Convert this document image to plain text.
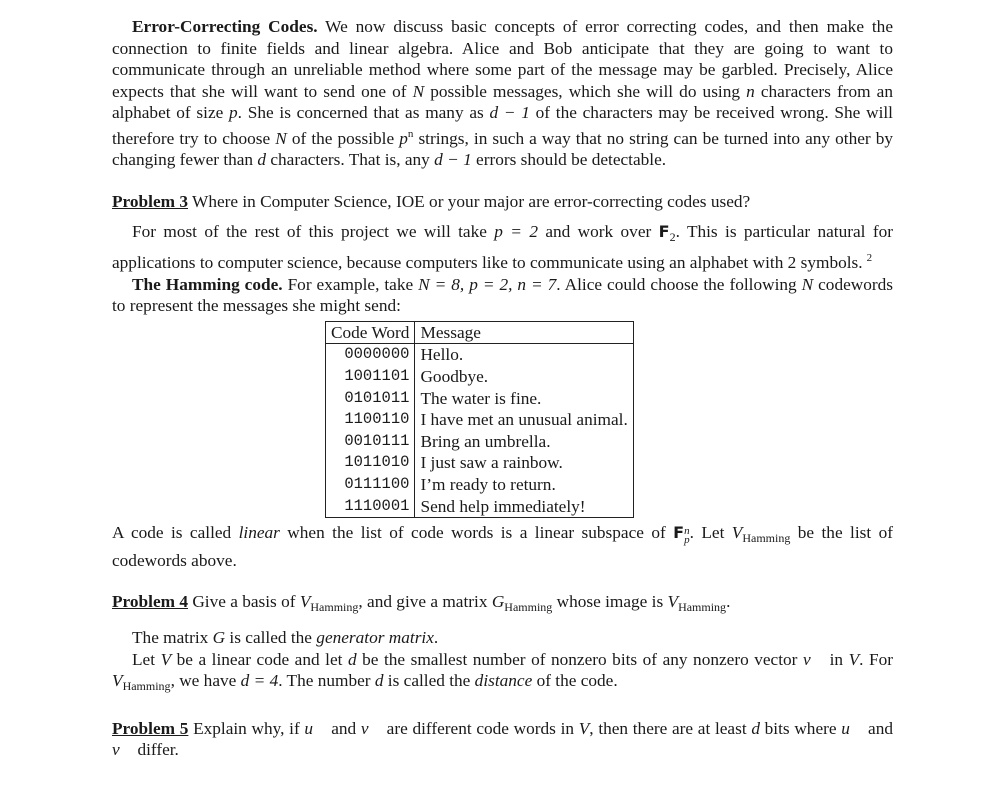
Error-Correcting Codes. We now discuss basic concepts of error correcting codes, and then make the connection to finite fields and linear algebra. Alice and Bob anticipate that they are going to want to communicate through an unreliable method where some part of the message may be garbled. Precisely, Alice expects that she will want to send one of N possible messages, which she will do using n characters from an alphabet of size p. She is concerned that as many as d − 1 of the characters may be received wrong. She will therefore try to choose N of the possible $p^n$ strings, in such a way that no string can be turned into any other by changing fewer than d characters. That is, any d − 1 errors should be detectable.

Problem 3 Where in Computer Science, IOE or your major are error-correcting codes used?

For most of the rest of this project we will take p = 2 and work over $F_2$. This is particular natural for applications to computer science, because computers like to communicate using an alphabet with 2 symbols. $^2$

The Hamming code. For example, take N = 8, p = 2, n = 7. Alice could choose the following N codewords to represent the messages she might send:

Code Word	Message
0000000	Hello.
1001101	Goodbye.
0101011	The water is fine.
1100110	I have met an unusual animal.
0010111	Bring an umbrella.
1011010	I just saw a rainbow.
0111100	I’m ready to return.
1110001	Send help immediately!

A code is called linear when the list of code words is a linear subspace of F n
p . Let $V_{Hamming}$ be the list of codewords above.

Problem 4 Give a basis of $V_{Hamming}$, and give a matrix $G_{Hamming}$ whose image is $V_{Hamming}$.

The matrix G is called the generator matrix.

Let V be a linear code and let d be the smallest number of nonzero bits of any nonzero vector v⃗ in V. For $V_{Hamming}$, we have d = 4. The number d is called the distance of the code.

Problem 5 Explain why, if u⃗ and v⃗ are different code words in V, then there are at least d bits where u⃗ and v⃗ differ.
